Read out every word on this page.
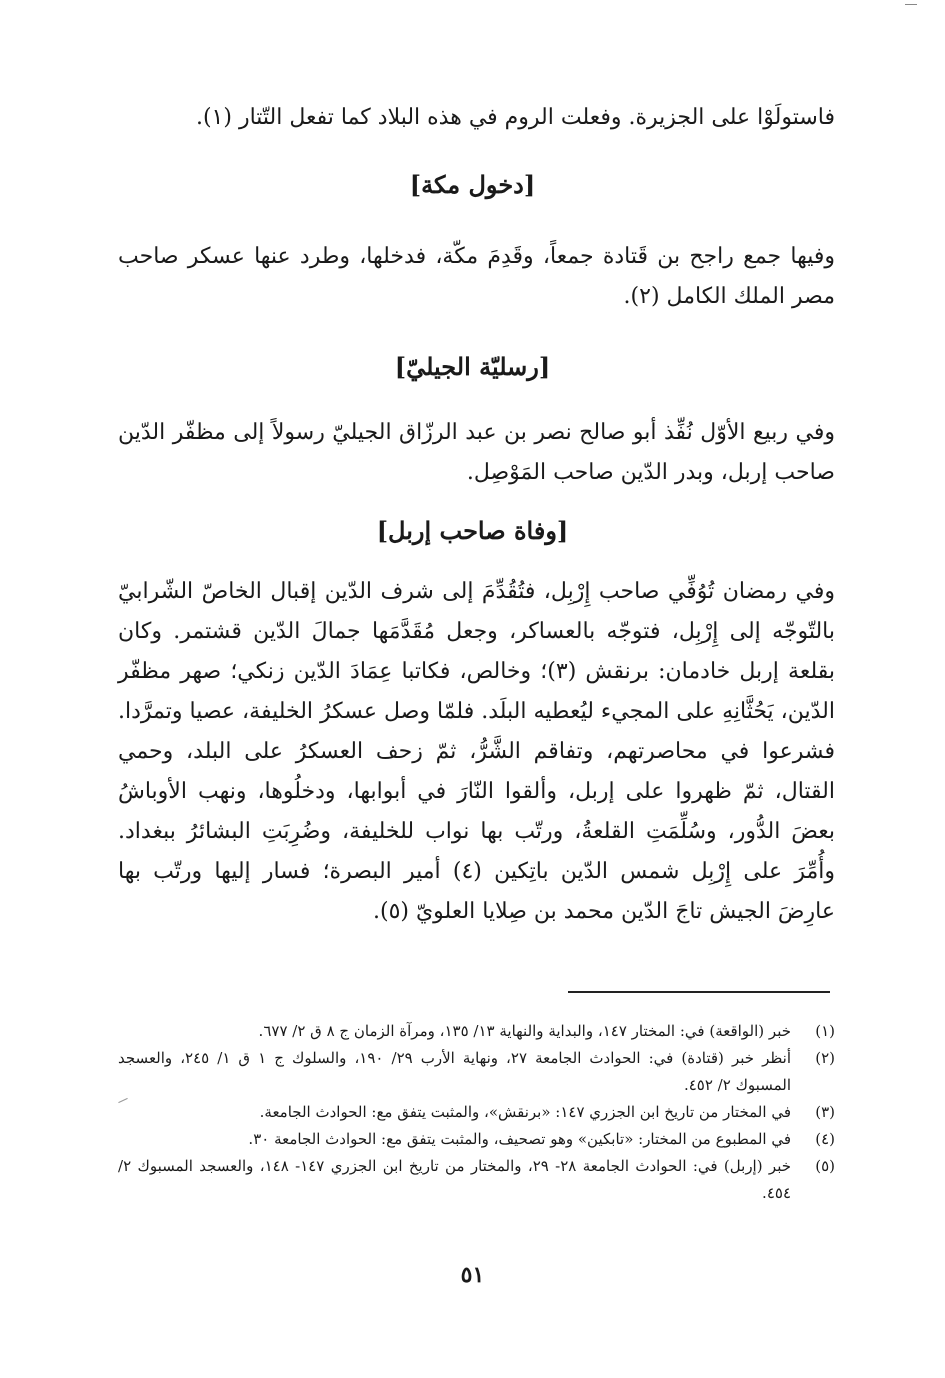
فاستولَوْا على الجزيرة. وفعلت الروم في هذه البلاد كما تفعل التّتار (١).
[دخول مكة]
وفيها جمع راجح بن قَتادة جمعاً، وقَدِمَ مكّة، فدخلها، وطرد عنها عسكر صاحب مصر الملك الكامل (٢).
[رسليّة الجيليّ]
وفي ربيع الأوّل نُفِّذ أبو صالح نصر بن عبد الرزّاق الجيليّ رسولاً إلى مظفّر الدّين صاحب إربل، وبدر الدّين صاحب المَوْصِل.
[وفاة صاحب إربل]
وفي رمضان تُوُفِّي صاحب إِرْبِل، فتُقُدِّمَ إلى شرف الدّين إقبال الخاصّ الشّرابيّ بالتّوجّه إلى إِرْبِل، فتوجّه بالعساكر، وجعل مُقَدَّمَها جمالَ الدّين قشتمر. وكان بقلعة إربل خادمان: برنقش (٣)؛ وخالص، فكاتبا عِمَادَ الدّين زنكي؛ صهر مظفّر الدّين، يَحُثَّانِهِ على المجيء ليُعطيه البلَد. فلمّا وصل عسكرُ الخليفة، عصيا وتمرَّدا. فشرعوا في محاصرتهم، وتفاقم الشَّرُّ، ثمّ زحف العسكرُ على البلد، وحمي القتال، ثمّ ظهروا على إربل، وألقوا النّارَ في أبوابها، ودخلُوها، ونهب الأوباشُ بعضَ الدُّور، وسُلِّمَتِ القلعةُ، ورتّب بها نواب للخليفة، وضُرِبَتِ البشائرُ ببغداد. وأُمِّرَ على إِرْبِل شمس الدّين باتِكين (٤) أمير البصرة؛ فسار إليها ورتّب بها عارِضَ الجيش تاجَ الدّين محمد بن صِلايا العلويّ (٥).
(١)
خبر (الواقعة) في: المختار ١٤٧، والبداية والنهاية ١٣/ ١٣٥، ومرآة الزمان ج ٨ ق ٢/ ٦٧٧.
(٢)
أنظر خبر (قتادة) في: الحوادث الجامعة ٢٧، ونهاية الأرب ٢٩/ ١٩٠، والسلوك ج ١ ق ١/ ٢٤٥، والعسجد المسبوك ٢/ ٤٥٢.
(٣)
في المختار من تاريخ ابن الجزري ١٤٧: «برنقش»، والمثبت يتفق مع: الحوادث الجامعة.
(٤)
في المطبوع من المختار: «تابكين» وهو تصحيف، والمثبت يتفق مع: الحوادث الجامعة ٣٠.
(٥)
خبر (إربل) في: الحوادث الجامعة ٢٨- ٢٩، والمختار من تاريخ ابن الجزري ١٤٧- ١٤٨، والعسجد المسبوك ٢/ ٤٥٤.
٥١
